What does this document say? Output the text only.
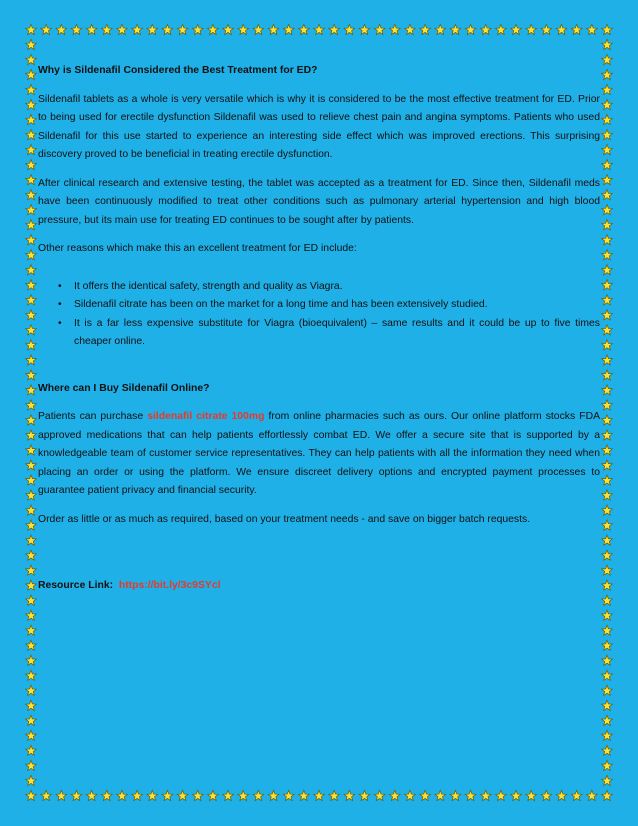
Why is Sildenafil Considered the Best Treatment for ED?

Sildenafil tablets as a whole is very versatile which is why it is considered to be the most effective treatment for ED. Prior to being used for erectile dysfunction Sildenafil was used to relieve chest pain and angina symptoms. Patients who used Sildenafil for this use started to experience an interesting side effect which was improved erections. This surprising discovery proved to be beneficial in treating erectile dysfunction.

After clinical research and extensive testing, the tablet was accepted as a treatment for ED. Since then, Sildenafil meds have been continuously modified to treat other conditions such as pulmonary arterial hypertension and high blood pressure, but its main use for treating ED continues to be sought after by patients.

Other reasons which make this an excellent treatment for ED include:

• It offers the identical safety, strength and quality as Viagra.
• Sildenafil citrate has been on the market for a long time and has been extensively studied.
• It is a far less expensive substitute for Viagra (bioequivalent) – same results and it could be up to five times cheaper online.

Where can I Buy Sildenafil Online?

Patients can purchase sildenafil citrate 100mg from online pharmacies such as ours. Our online platform stocks FDA approved medications that can help patients effortlessly combat ED. We offer a secure site that is supported by a knowledgeable team of customer service representatives. They can help patients with all the information they need when placing an order or using the platform. We ensure discreet delivery options and encrypted payment processes to guarantee patient privacy and financial security.

Order as little or as much as required, based on your treatment needs - and save on bigger batch requests.

Resource Link: https://bit.ly/3c9SYcl
